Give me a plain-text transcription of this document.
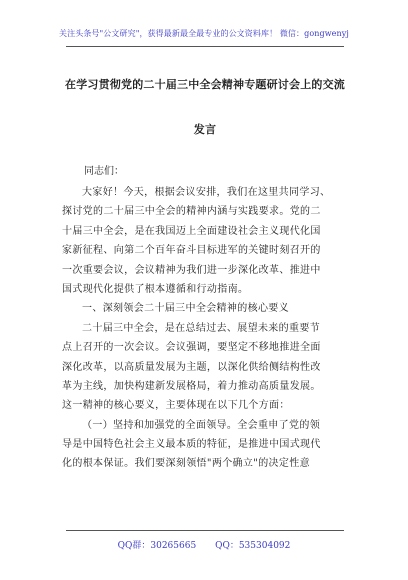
关注头条号"公文研究"，获得最新最全最专业的公文资料库！ 微信：gongwenyj
在学习贯彻党的二十届三中全会精神专题研讨会上的交流
发言
同志们：
大家好！今天，根据会议安排，我们在这里共同学习、
探讨党的二十届三中全会的精神内涵与实践要求。党的二
十届三中全会，是在我国迈上全面建设社会主义现代化国
家新征程、向第二个百年奋斗目标进军的关键时刻召开的
一次重要会议，会议精神为我们进一步深化改革、推进中
国式现代化提供了根本遵循和行动指南。
一、深刻领会二十届三中全会精神的核心要义
二十届三中全会，是在总结过去、展望未来的重要节
点上召开的一次会议。会议强调，要坚定不移地推进全面
深化改革，以高质量发展为主题，以深化供给侧结构性改
革为主线，加快构建新发展格局，着力推动高质量发展。
这一精神的核心要义，主要体现在以下几个方面：
（一）坚持和加强党的全面领导。全会重申了党的领
导是中国特色社会主义最本质的特征，是推进中国式现代
化的根本保证。我们要深刻领悟"两个确立"的决定性意
QQ群：30265665 QQ：535304092
